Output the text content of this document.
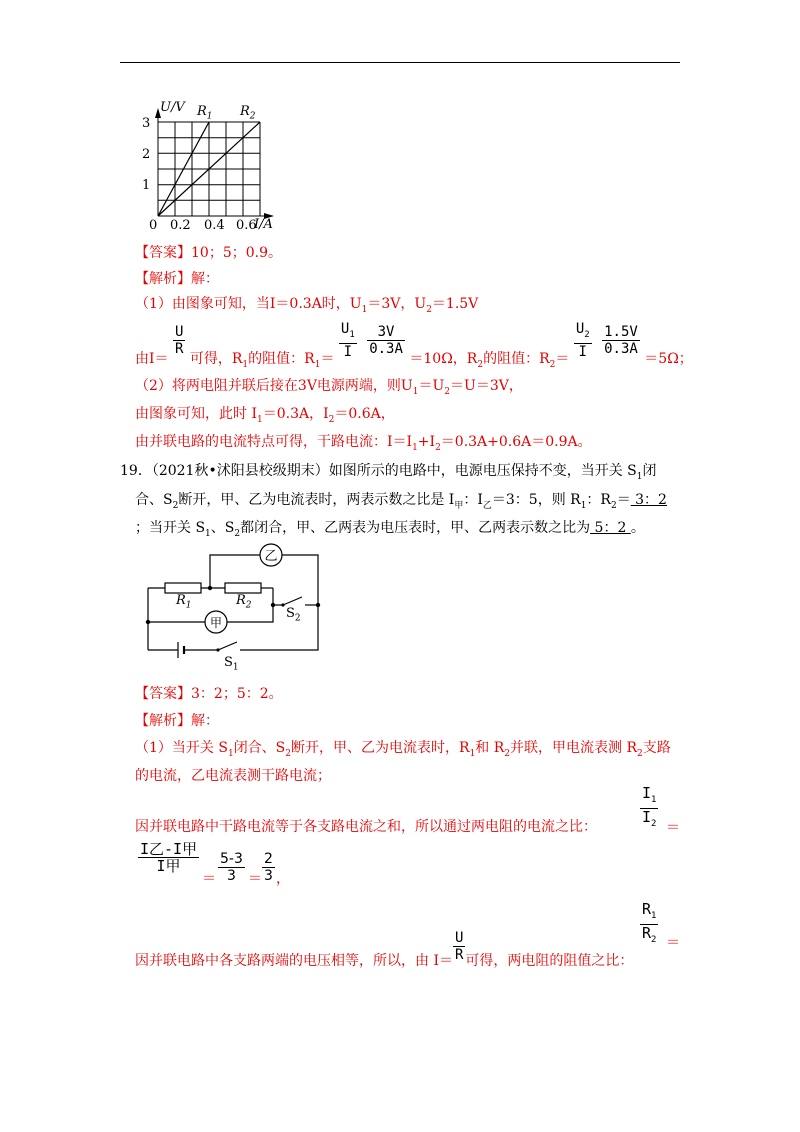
U/V $R_1$ $R_2$
3
2
1
0 0.2 0.4 0.6
I/A
【答案】10；5；0.9。
【解析】解：
（1）由图象可知，当I＝0.3A时，$U_1=3V$，$U_2=1.5V$
由I＝
$\frac{U}{R}$
可得，$R_1$的阻值：$R_1= \frac{U_1}{I}$
$\frac{3V}{0.3A}$
＝10Ω，$R_2$的阻值：$R_2= \frac{U_2}{I}$
$\frac{1.5V}{0.3A}$
＝5Ω；
（2）将两电阻并联后接在3V电源两端，则$U_1=U_2=U=3V$，
由图象可知，此时 $I_1=0.3A$，$I_2=0.6A$，
由并联电路的电流特点可得，干路电流：$I=I_1+I_2=0.3A+0.6A=0.9A$。
19．（2021秋•沭阳县校级期末）如图所示的电路中，电源电压保持不变，当开关 $S_1$闭
合、$S_2$断开，甲、乙为电流表时，两表示数之比是 $I_甲$：$I_乙=3$：5，则 $R_1$：$R_2= 3$：2
；当开关 $S_1$、$S_2$都闭合，甲、乙两表为电压表时，甲、乙两表示数之比为 5：2 。
乙
甲
$R_1$	$R_2$
$S_2$
$S_1$
【答案】3：2；5：2。
【解析】解：
（1）当开关 $S_1$闭合、$S_2$断开，甲、乙为电流表时，$R_1$和 $R_2$并联，甲电流表测 $R_2$支路
的电流，乙电流表测干路电流；
因并联电路中干路电流等于各支路电流之和，所以通过两电阻的电流之比：	$\frac{I_1}{I_2}$ ＝
I乙-I甲
I甲
＝ $\frac{5-3}{3} = \frac{2}{3}$ ，
因并联电路中各支路两端的电压相等，所以，由 $I= \frac{U}{R}$ 可得，两电阻的阻值之比：
$\frac{R_1}{R_2}$ ＝
